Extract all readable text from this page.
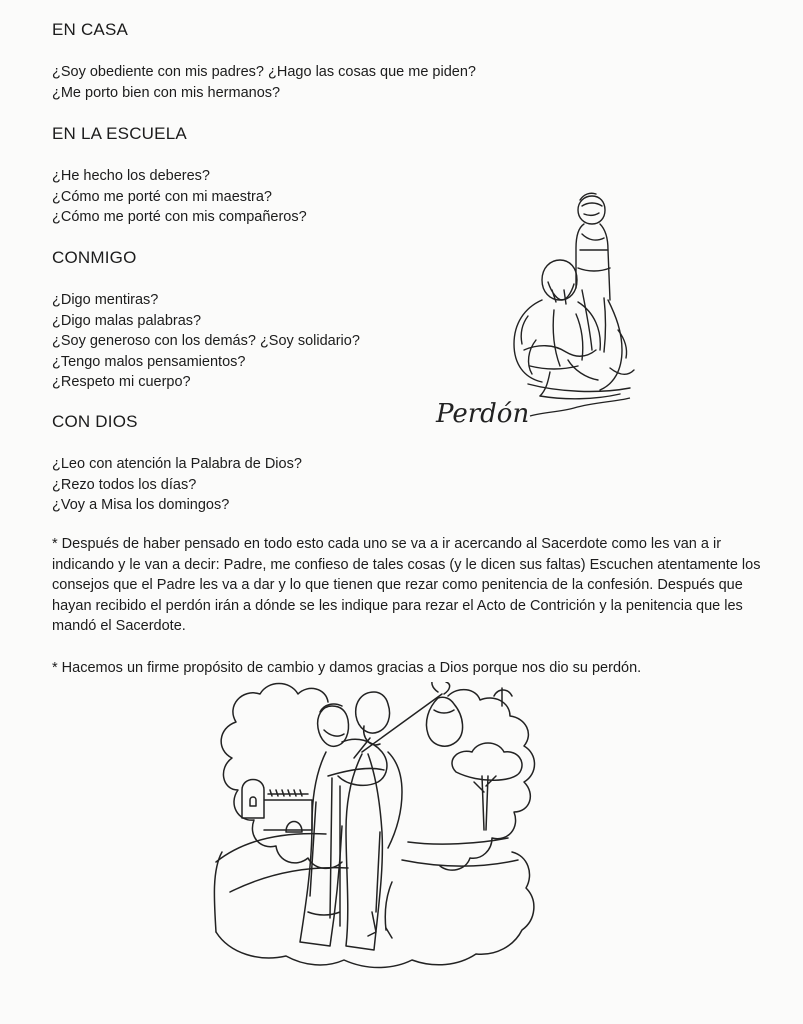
EN CASA
¿Soy obediente con mis padres? ¿Hago las cosas que me piden?
¿Me porto bien con mis hermanos?
EN LA ESCUELA
¿He hecho los deberes?
¿Cómo me porté con mi maestra?
¿Cómo me porté con mis compañeros?
CONMIGO
¿Digo mentiras?
¿Digo malas palabras?
¿Soy generoso con los demás? ¿Soy solidario?
¿Tengo malos pensamientos?
¿Respeto mi cuerpo?
CON DIOS
¿Leo con atención la Palabra de Dios?
¿Rezo todos los días?
¿Voy a Misa los domingos?

* Después de haber pensado en todo esto cada uno se va a ir acercando al Sacerdote como les van a ir indicando y le van a decir: Padre, me confieso de tales cosas (y le dicen sus faltas) Escuchen atentamente los consejos que el Padre les va a dar y lo que tienen que rezar como penitencia de la confesión. Después que hayan recibido el perdón irán a dónde se les indique para rezar el Acto de Contrición y la penitencia que les mandó el Sacerdote.

* Hacemos un firme propósito de cambio y damos gracias a Dios porque nos dio su perdón.

Perdón
